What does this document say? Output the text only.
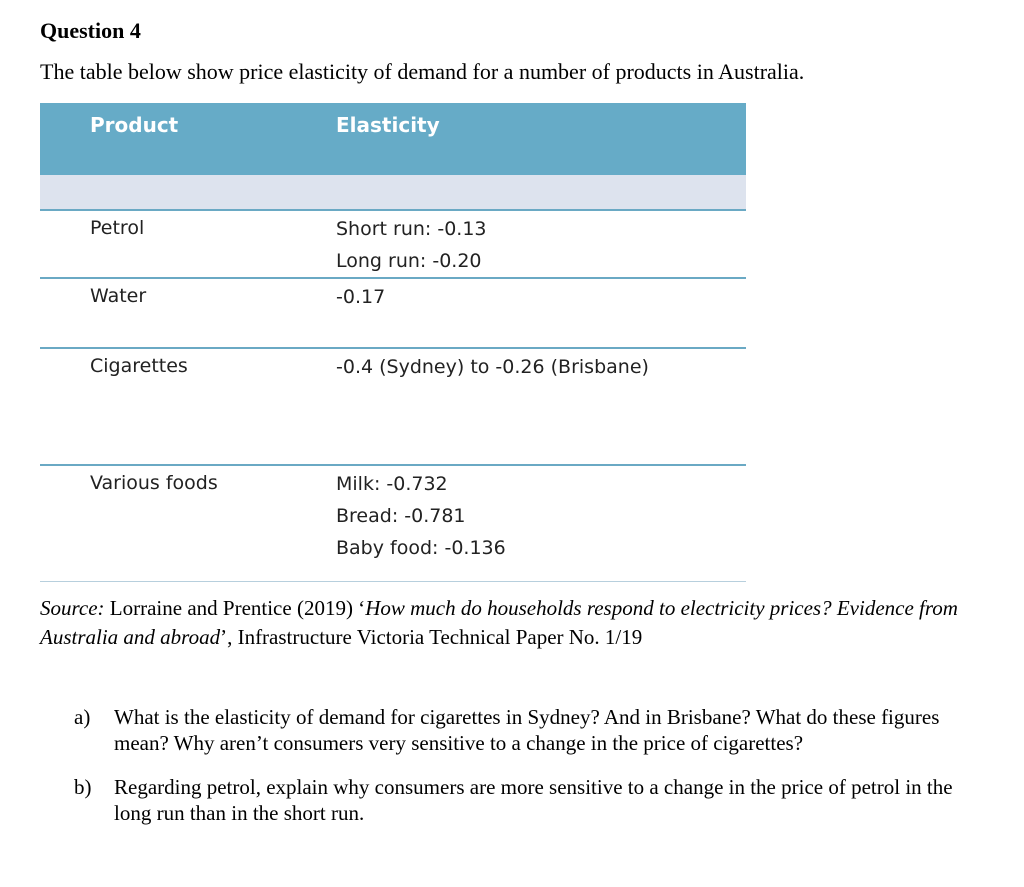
Question 4

The table below show price elasticity of demand for a number of products in Australia.

Product	Elasticity
Petrol	Short run: -0.13
Long run: -0.20
Water	-0.17
Cigarettes	-0.4 (Sydney) to -0.26 (Brisbane)
Various foods	Milk: -0.732
Bread: -0.781
Baby food: -0.136

Source: Lorraine and Prentice (2019) ‘How much do households respond to electricity prices? Evidence from Australia and abroad’, Infrastructure Victoria Technical Paper No. 1/19

a) What is the elasticity of demand for cigarettes in Sydney? And in Brisbane? What do these figures mean? Why aren’t consumers very sensitive to a change in the price of cigarettes?
b) Regarding petrol, explain why consumers are more sensitive to a change in the price of petrol in the long run than in the short run.
